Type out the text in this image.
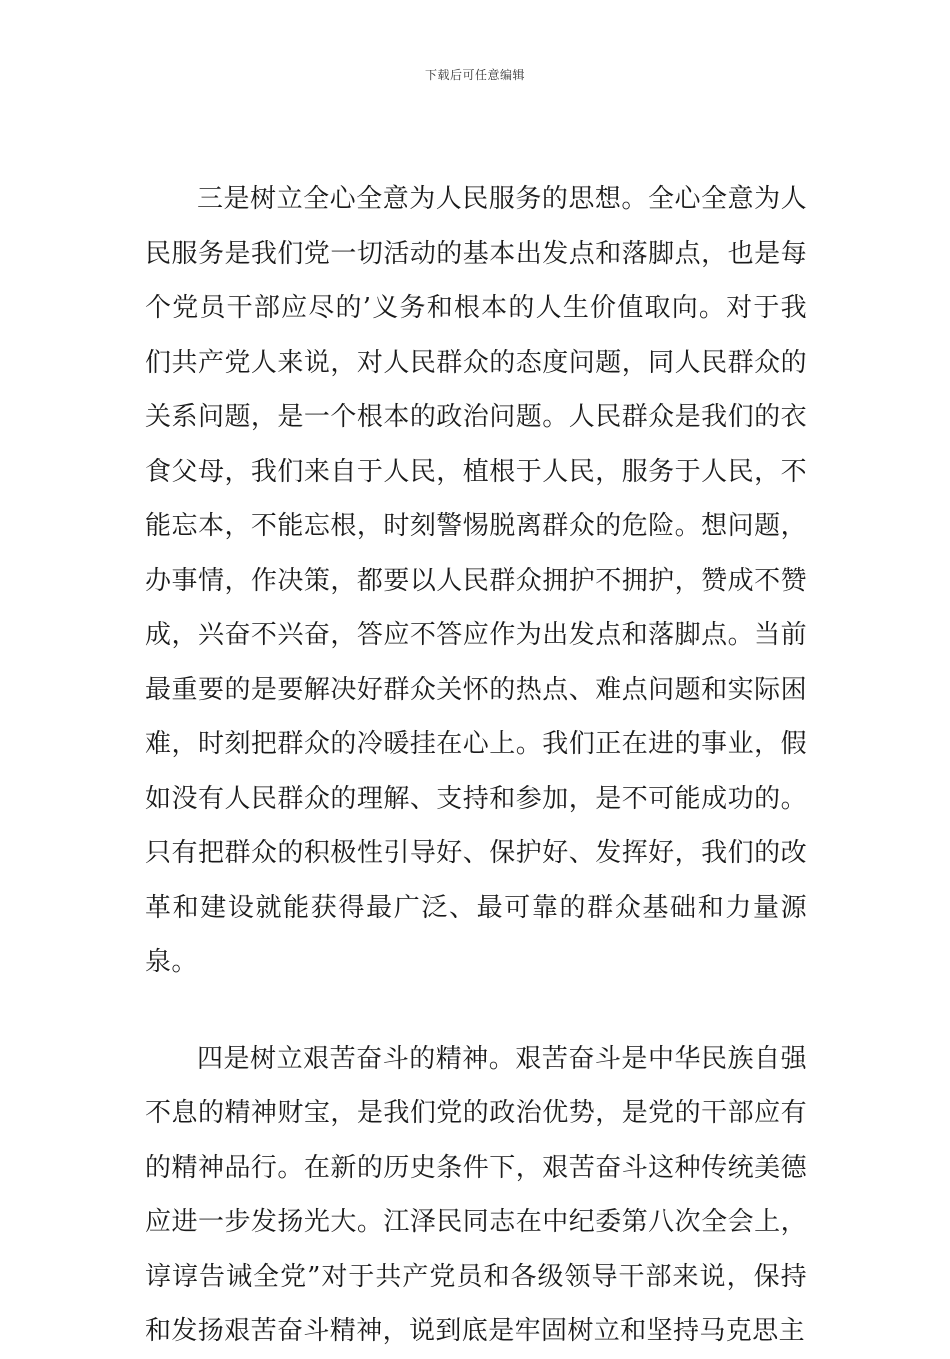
下载后可任意编辑

三是树立全心全意为人民服务的思想。全心全意为人民服务是我们党一切活动的基本出发点和落脚点，也是每个党员干部应尽的’义务和根本的人生价值取向。对于我们共产党人来说，对人民群众的态度问题，同人民群众的关系问题，是一个根本的政治问题。人民群众是我们的衣食父母，我们来自于人民，植根于人民，服务于人民，不能忘本，不能忘根，时刻警惕脱离群众的危险。想问题，办事情，作决策，都要以人民群众拥护不拥护，赞成不赞成，兴奋不兴奋，答应不答应作为出发点和落脚点。当前最重要的是要解决好群众关怀的热点、难点问题和实际困难，时刻把群众的冷暖挂在心上。我们正在进的事业，假如没有人民群众的理解、支持和参加，是不可能成功的。只有把群众的积极性引导好、保护好、发挥好，我们的改革和建设就能获得最广泛、最可靠的群众基础和力量源泉。

四是树立艰苦奋斗的精神。艰苦奋斗是中华民族自强不息的精神财宝，是我们党的政治优势，是党的干部应有的精神品行。在新的历史条件下，艰苦奋斗这种传统美德应进一步发扬光大。江泽民同志在中纪委第八次全会上，谆谆告诫全党”对于共产党员和各级领导干部来说，保持和发扬艰苦奋斗精神，说到底是牢固树立和坚持马克思主
